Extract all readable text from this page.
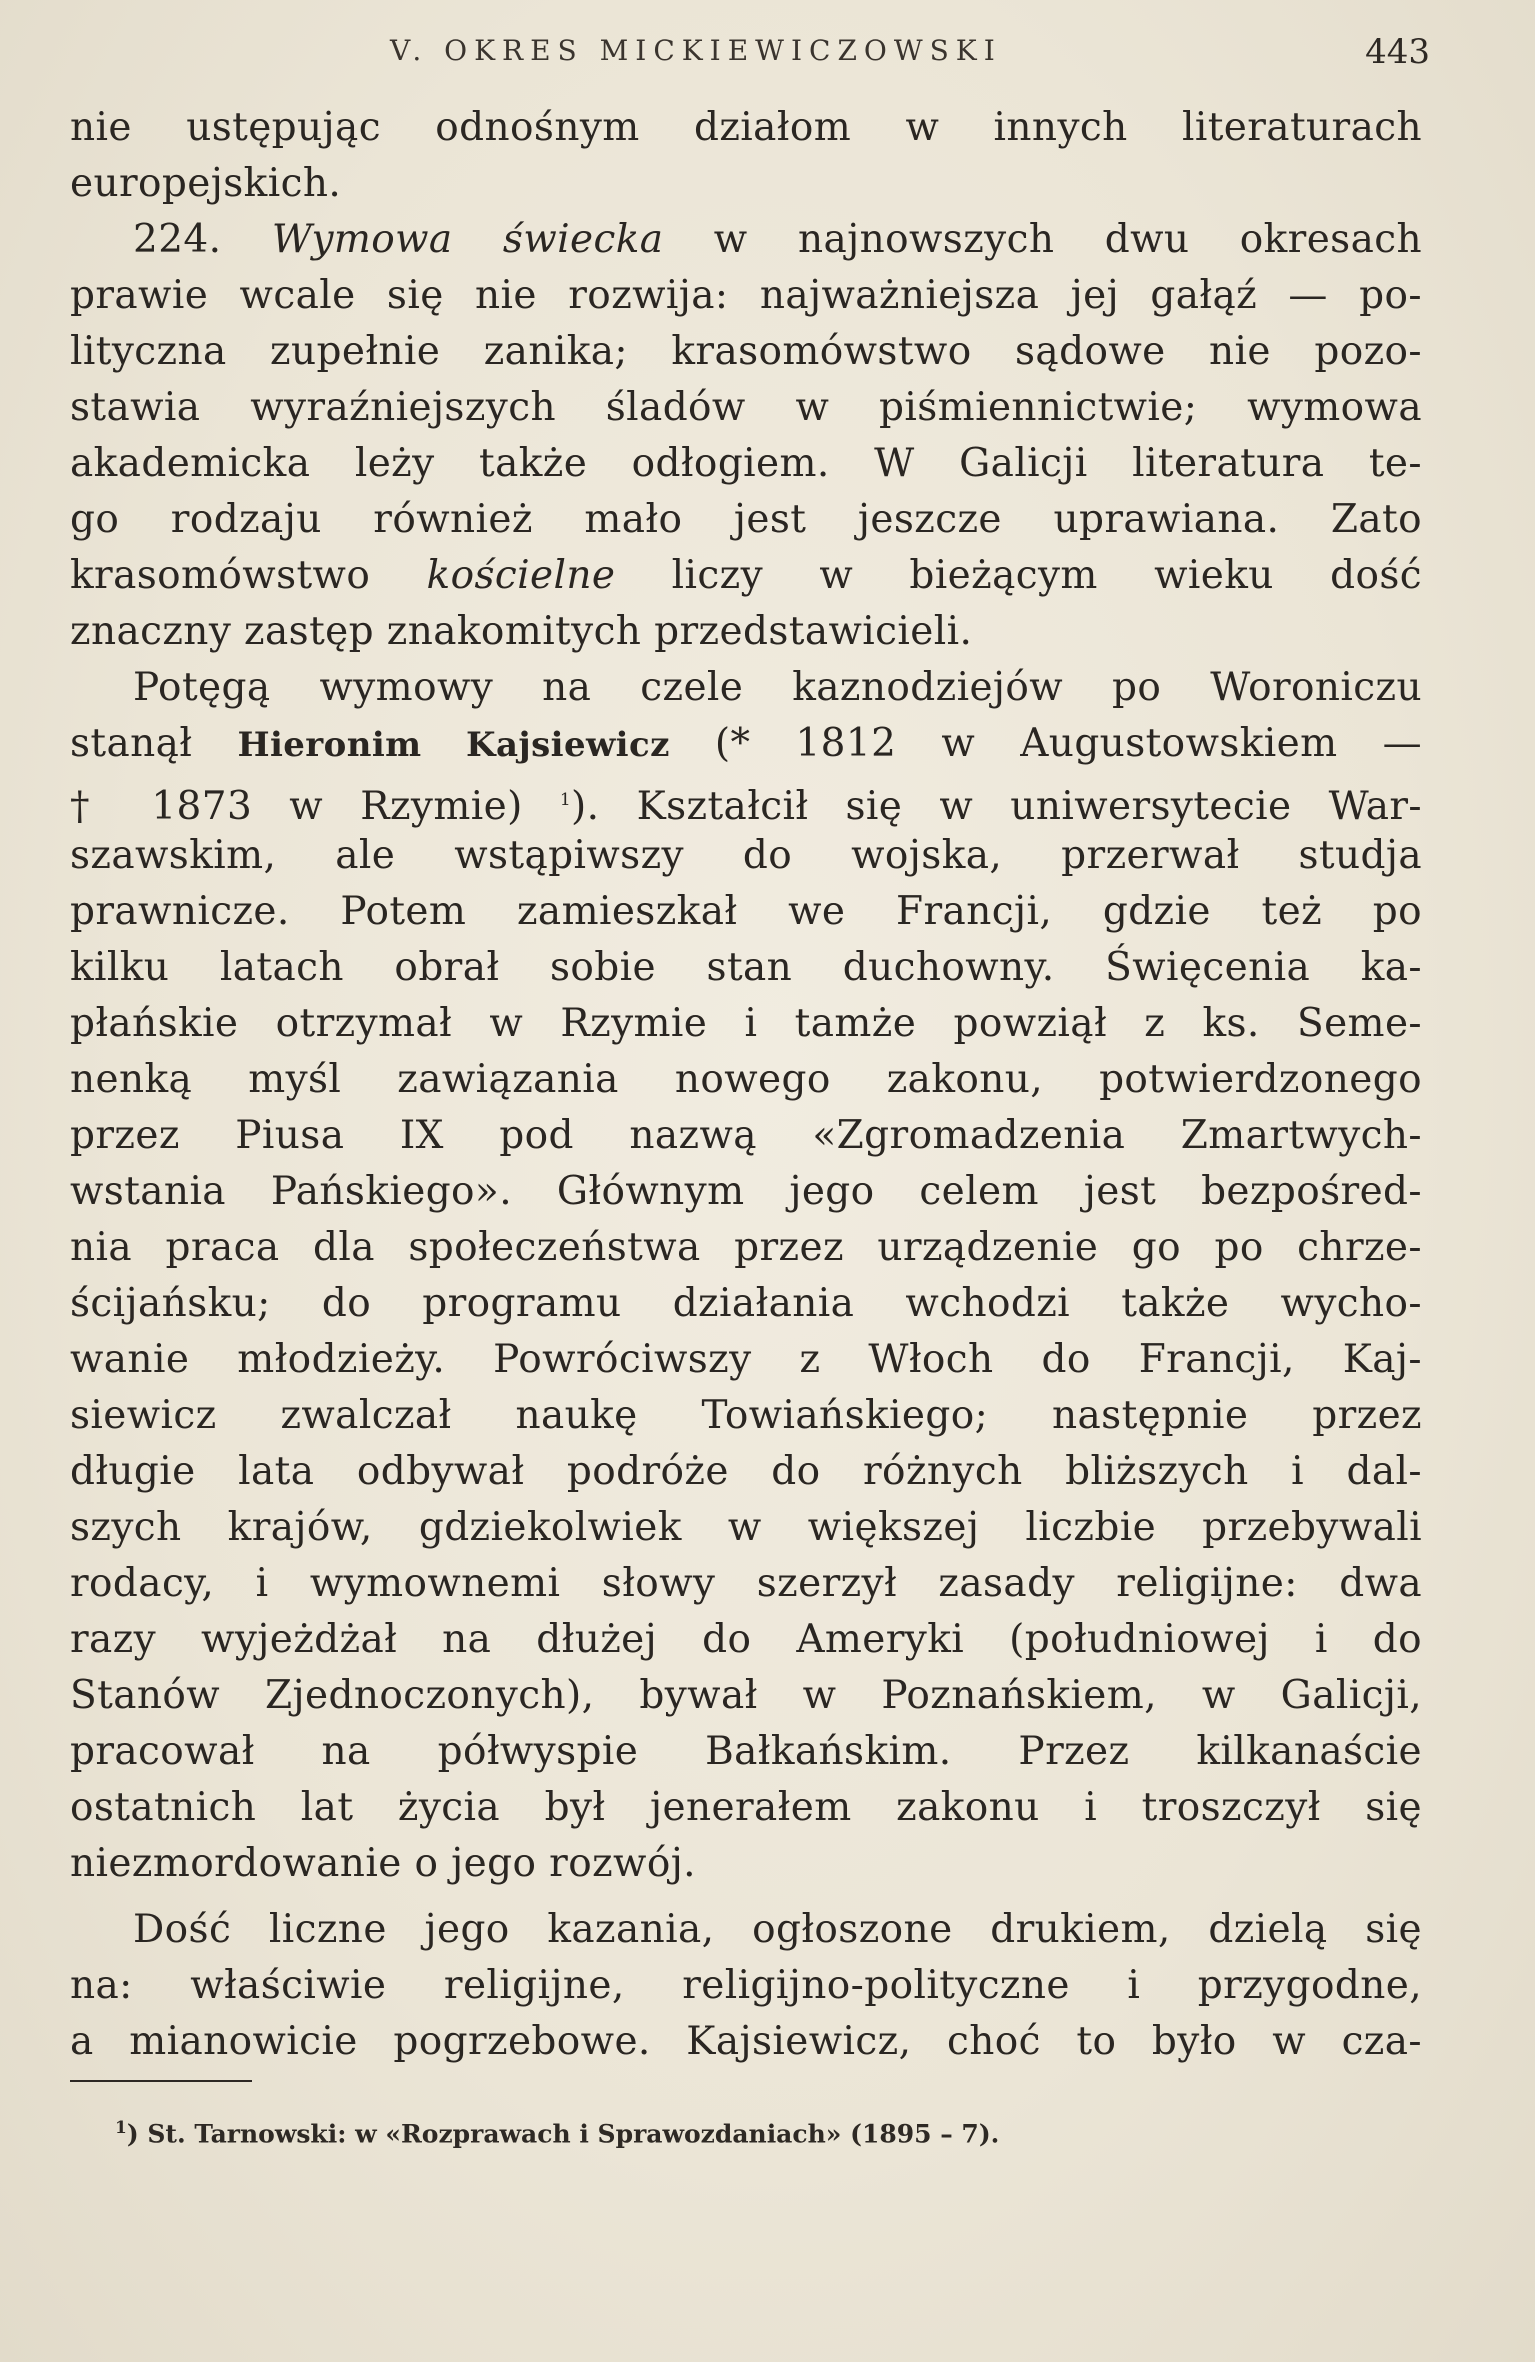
V. OKRES MICKIEWICZOWSKI	443
nie ustępując odnośnym działom w innych literaturach
europejskich.
224. Wymowa świecka w najnowszych dwu okresach
prawie wcale się nie rozwija: najważniejsza jej gałąź — po-
lityczna zupełnie zanika; krasomówstwo sądowe nie pozo-
stawia wyraźniejszych śladów w piśmiennictwie; wymowa
akademicka leży także odłogiem. W Galicji literatura te-
go rodzaju również mało jest jeszcze uprawiana. Zato
krasomówstwo kościelne liczy w bieżącym wieku dość
znaczny zastęp znakomitych przedstawicieli.
Potęgą wymowy na czele kaznodziejów po Woroniczu
stanął Hieronim Kajsiewicz (* 1812 w Augustowskiem —
† 1873 w Rzymie) $^1$). Kształcił się w uniwersytecie War-
szawskim, ale wstąpiwszy do wojska, przerwał studja
prawnicze. Potem zamieszkał we Francji, gdzie też po
kilku latach obrał sobie stan duchowny. Święcenia ka-
płańskie otrzymał w Rzymie i tamże powziął z ks. Seme-
nenką myśl zawiązania nowego zakonu, potwierdzonego
przez Piusa IX pod nazwą «Zgromadzenia Zmartwych-
wstania Pańskiego». Głównym jego celem jest bezpośred-
nia praca dla społeczeństwa przez urządzenie go po chrze-
ścijańsku; do programu działania wchodzi także wycho-
wanie młodzieży. Powróciwszy z Włoch do Francji, Kaj-
siewicz zwalczał naukę Towiańskiego; następnie przez
długie lata odbywał podróże do różnych bliższych i dal-
szych krajów, gdziekolwiek w większej liczbie przebywali
rodacy, i wymownemi słowy szerzył zasady religijne: dwa
razy wyjeżdżał na dłużej do Ameryki (południowej i do
Stanów Zjednoczonych), bywał w Poznańskiem, w Galicji,
pracował na półwyspie Bałkańskim. Przez kilkanaście
ostatnich lat życia był jenerałem zakonu i troszczył się
niezmordowanie o jego rozwój.
Dość liczne jego kazania, ogłoszone drukiem, dzielą się
na: właściwie religijne, religijno-polityczne i przygodne,
a mianowicie pogrzebowe. Kajsiewicz, choć to było w cza-
$^1$) St. Tarnowski: w «Rozprawach i Sprawozdaniach» (1895 – 7).
